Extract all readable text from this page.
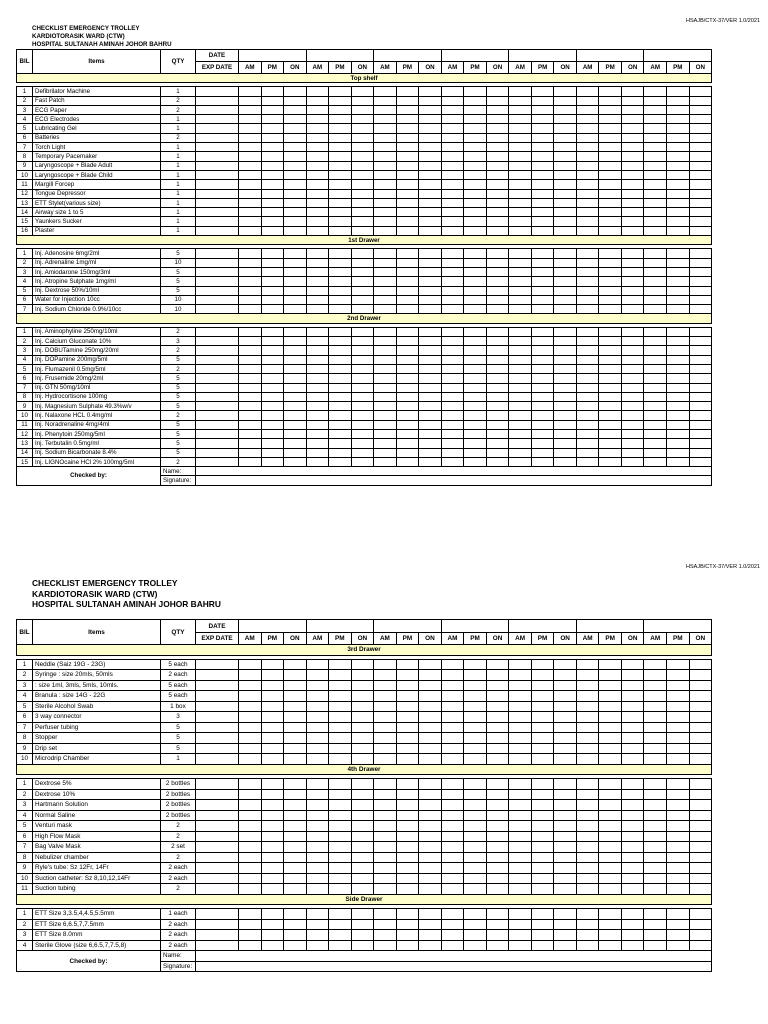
HSAJB/CTX-37/VER 1.0/2021
CHECKLIST EMERGENCY TROLLEY
KARDIOTORASIK WARD (CTW)
HOSPITAL SULTANAH AMINAH JOHOR BAHRU
BIL	Items	QTY	DATE																					
			EXP DATE	AM	PM	ON	AM	PM	ON	AM	PM	ON	AM	PM	ON	AM	PM	ON	AM	PM	ON	AM	PM	ON
Top shelf																								

1	Defibrilator Machine	1																						
2	Fast Patch	2																						
3	ECG Paper	2																						
4	ECG Electrodes	1																						
5	Lubricating Gel	1																						
6	Batteries	2																						
7	Torch Light	1																						
8	Temporary Pacemaker	1																						
9	Laryngoscope + Blade Adult	1																						
10	Laryngoscope + Blade Child	1																						
11	Margill Forcep	1																						
12	Tongue Depressor	1																						
13	ETT Stylet(various size)	1																						
14	Airway size 1 to 5	1																						
15	Yaunkers Sucker	1																						
16	Plaster	1																						
1st Drawer																								

1	Inj. Adenosine 6mg/2ml	5																						
2	Inj. Adrenaline 1mg/ml	10																						
3	Inj. Amiodarone 150mg/3ml	5																						
4	Inj. Atropine Sulphate 1mg/ml	5																						
5	Inj. Dextrose 50%/10ml	5																						
6	Water for Injection 10cc	10																						
7	Inj. Sodium Chloride 0.9%/10cc	10																						
2nd Drawer																								

1	Inj. Aminophyline 250mg/10ml	2																						
2	Inj. Calcium Gluconate 10%	3																						
3	Inj. DOBUTamine 250mg/20ml	2																						
4	Inj. DOPamine 200mg/5ml	5																						
5	Inj. Flumazenil 0.5mg/5ml	2																						
6	Inj. Frusemide 20mg/2ml	5																						
7	Inj. GTN 50mg/10ml	5																						
8	Inj. Hydrocortisone 100mg	5																						
9	Inj. Magnesium Sulphate 49.3%w/v	5																						
10	Inj. Nalaxone HCL 0.4mg/ml	2																						
11	Inj. Noradrenaline 4mg/4ml	5																						
12	Inj. Phenytoin 250mg/5ml	5																						
13	Inj. Terbutalin 0.5mg/ml	5																						
14	Inj. Sodium Bicarbonate 8.4%	5																						
15	Inj. LIGNOcaine HCl 2% 100mg/5ml	2																						
Checked by:		Name:																						
		Signature:																						
HSAJB/CTX-37/VER 1.0/2021
CHECKLIST EMERGENCY TROLLEY
KARDIOTORASIK WARD (CTW)
HOSPITAL SULTANAH AMINAH JOHOR BAHRU
BIL	Items	QTY	DATE																					
			EXP DATE	AM	PM	ON	AM	PM	ON	AM	PM	ON	AM	PM	ON	AM	PM	ON	AM	PM	ON	AM	PM	ON
3rd Drawer																								

1	Neddle (Saiz 19G - 23G)	5 each																						
2	Syringe : size 20mls, 50mls	2 each																						
3	: size 1ml, 3mls, 5mls, 10mls.	5 each																						
4	Branula : size 14G - 22G	5 each																						
5	Sterile Alcohol Swab	1 box																						
6	3 way connector	3																						
7	Perfuser tubing	5																						
8	Stopper	5																						
9	Drip set	5																						
10	Microdrip Chamber	1																						
4th Drawer																								

1	Dextrose 5%	2 bottles																						
2	Dextrose 10%	2 bottles																						
3	Hartmann Solution	2 bottles																						
4	Normal Saline	2 bottles																						
5	Venturi mask	2																						
6	High Flow Mask	2																						
7	Bag Valve Mask	2 set																						
8	Nebulizer chamber	2																						
9	Ryle's tube: Sz 12Fr, 14Fr	2 each																						
10	Suction catheter: Sz 8,10,12,14Fr	2 each																						
11	Suction tubing	2																						
Side Drawer																								

1	ETT Size 3,3.5,4,4.5,5.5mm	1 each																						
2	ETT Size 6,6.5,7,7.5mm	2 each																						
3	ETT Size 8.0mm	2 each																						
4	Sterile Glove (size 6,6.5,7,7.5,8)	2 each																						
Checked by:		Name:																						
		Signature:																						
